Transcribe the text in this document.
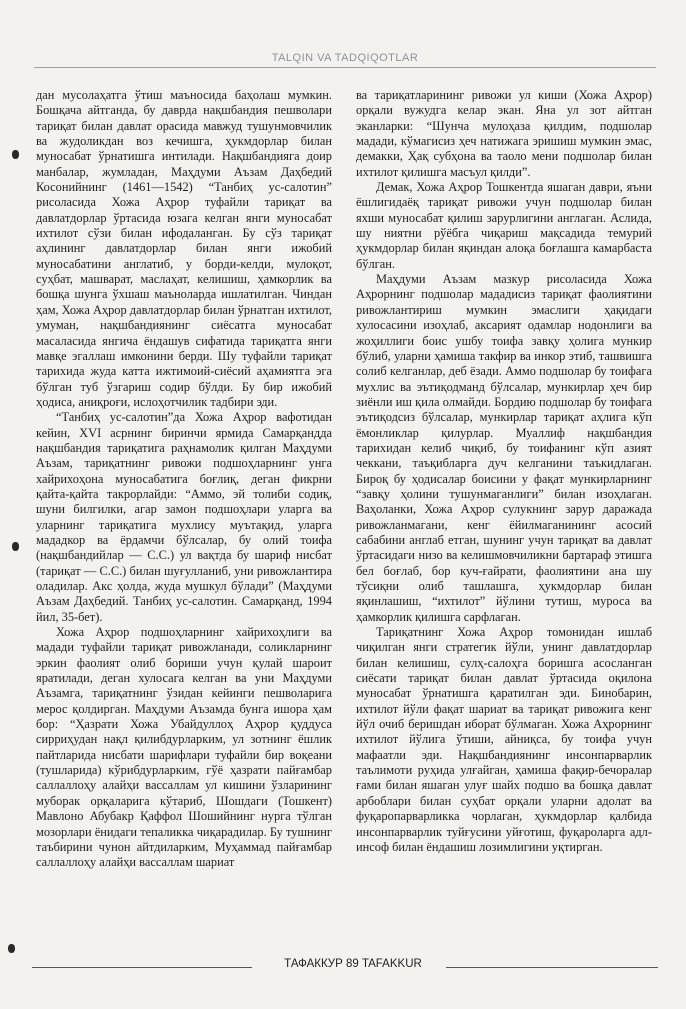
TALQIN VA TADQIQOTLAR

дан мусолаҳатга ўтиш маъносида баҳолаш мумкин. Бошқача айтганда, бу даврда нақшбандия пешволари тариқат билан давлат орасида мавжуд тушунмовчилик ва жудоликдан воз кечишга, ҳукмдорлар билан муносабат ўрнатишга интилади. Нақшбандияга доир манбалар, жумладан, Маҳдуми Аъзам Даҳбедий Косонийнинг (1461—1542) “Танбиҳ ус-салотин” рисоласида Хожа Аҳрор туфайли тариқат ва давлатдорлар ўртасида юзага келган янги муносабат ихтилот сўзи билан ифодаланган. Бу сўз тариқат аҳлининг давлатдорлар билан янги ижобий муносабатини англатиб, у борди-келди, мулоқот, суҳбат, машварат, маслаҳат, келишиш, ҳамкорлик ва бошқа шунга ўхшаш маъноларда ишлатилган. Чиндан ҳам, Хожа Аҳрор давлатдорлар билан ўрнатган ихтилот, умуман, нақшбандиянинг сиёсатга муносабат масаласида янгича ёндашув сифатида тариқатга янги мавқе эгаллаш имконини берди. Шу туфайли тариқат тарихида жуда катта ижтимоий-сиёсий аҳамиятга эга бўлган туб ўзгариш содир бўлди. Бу бир ижобий ҳодиса, аниқроғи, ислоҳотчилик тадбири эди.

“Танбиҳ ус-салотин”да Хожа Аҳрор вафотидан кейин, XVI асрнинг биринчи ярмида Самарқандда нақшбандия тариқатига раҳнамолик қилган Маҳдуми Аъзам, тариқатнинг ривожи подшоҳларнинг унга хайрихоҳона муносабатига боғлиқ, деган фикрни қайта-қайта такрорлайди: “Аммо, эй толиби содиқ, шуни билгилки, агар замон подшоҳлари уларга ва уларнинг тариқатига мухлису муътақид, уларга мададкор ва ёрдамчи бўлсалар, бу олий тоифа (нақшбандийлар — С.С.) ул вақтда бу шариф нисбат (тариқат — С.С.) билан шуғулланиб, уни ривожлантира оладилар. Акс ҳолда, жуда мушкул бўлади” (Маҳдуми Аъзам Даҳбедий. Танбиҳ ус-салотин. Самарқанд, 1994 йил, 35-бет).

Хожа Аҳрор подшоҳларнинг хайрихоҳлиги ва мадади туфайли тариқат ривожланади, соликларнинг эркин фаолият олиб бориши учун қулай шароит яратилади, деган хулосага келган ва уни Маҳдуми Аъзамга, тариқатнинг ўзидан кейинги пешволарига мерос қолдирган. Маҳдуми Аъзамда бунга ишора ҳам бор: “Ҳазрати Хожа Убайдуллоҳ Аҳрор қуддуса сирриҳудан нақл қилибдурларким, ул зотнинг ёшлик пайтларида нисбати шарифлари туфайли бир воқеани (тушларида) кўрибдурларким, гўё ҳазрати пайғамбар саллаллоҳу алайҳи вассаллам ул кишини ўзларининг муборак орқаларига кўтариб, Шошдаги (Тошкент) Мавлоно Абубакр Қаффол Шошийнинг нурга тўлган мозорлари ёнидаги тепаликка чиқарадилар. Бу тушнинг таъбирини чунон айтдиларким, Муҳаммад пайғамбар саллаллоҳу алайҳи вассаллам шариат

ва тариқатларининг ривожи ул киши (Хожа Аҳрор) орқали вужудга келар экан. Яна ул зот айтган эканларки: “Шунча мулоҳаза қилдим, подшолар мадади, кўмагисиз ҳеч натижага эришиш мумкин эмас, демакки, Ҳақ субҳона ва таоло мени подшолар билан ихтилот қилишга масъул қилди”.

Демак, Хожа Аҳрор Тошкентда яшаган даври, яъни ёшлигидаёқ тариқат ривожи учун подшолар билан яхши муносабат қилиш зарурлигини англаган. Аслида, шу ниятни рўёбга чиқариш мақсадида темурий ҳукмдорлар билан яқиндан алоқа боғлашга камарбаста бўлган.

Маҳдуми Аъзам мазкур рисоласида Хожа Аҳрорнинг подшолар мададисиз тариқат фаолиятини ривожлантириш мумкин эмаслиги ҳақидаги хулосасини изоҳлаб, аксарият одамлар нодонлиги ва жоҳиллиги боис ушбу тоифа завқу ҳолига мункир бўлиб, уларни ҳамиша такфир ва инкор этиб, ташвишга солиб келганлар, деб ёзади. Аммо подшолар бу тоифага мухлис ва эътиқодманд бўлсалар, мункирлар ҳеч бир зиёнли иш қила олмайди. Бордию подшолар бу тоифага эътиқодсиз бўлсалар, мункирлар тариқат аҳлига кўп ёмонликлар қилурлар. Муаллиф нақшбандия тарихидан келиб чиқиб, бу тоифанинг кўп азият чеккани, таъқибларга дуч келганини таъкидлаган. Бироқ бу ҳодисалар боисини у фақат мункирларнинг “завқу ҳолини тушунмаганлиги” билан изоҳлаган. Ваҳоланки, Хожа Аҳрор сулукнинг зарур даражада ривожланмагани, кенг ёйилмаганининг асосий сабабини англаб етган, шунинг учун тариқат ва давлат ўртасидаги низо ва келишмовчиликни бартараф этишга бел боғлаб, бор куч-ғайрати, фаолиятини ана шу тўсиқни олиб ташлашга, ҳукмдорлар билан яқинлашиш, “ихтилот” йўлини тутиш, муроса ва ҳамкорлик қилишга сарфлаган.

Тариқатнинг Хожа Аҳрор томонидан ишлаб чиқилган янги стратегик йўли, унинг давлатдорлар билан келишиш, сулҳ-салоҳга боришга асосланган сиёсати тариқат билан давлат ўртасида оқилона муносабат ўрнатишга қаратилган эди. Бинобарин, ихтилот йўли фақат шариат ва тариқат ривожига кенг йўл очиб беришдан иборат бўлмаган. Хожа Аҳрорнинг ихтилот йўлига ўтиши, айниқса, бу тоифа учун мафаатли эди. Нақшбандиянинг инсонпарварлик таълимоти руҳида улғайган, ҳамиша фақир-бечоралар ғами билан яшаган улуғ шайх подшо ва бошқа давлат арбоблари билан суҳбат орқали уларни адолат ва фуқаропарварликка чорлаган, ҳукмдорлар қалбида инсонпарварлик туйғусини уйғотиш, фуқароларга адл-инсоф билан ёндашиш лозимлигини уқтирган.

ТАФАККУР 89 TAFAKKUR
